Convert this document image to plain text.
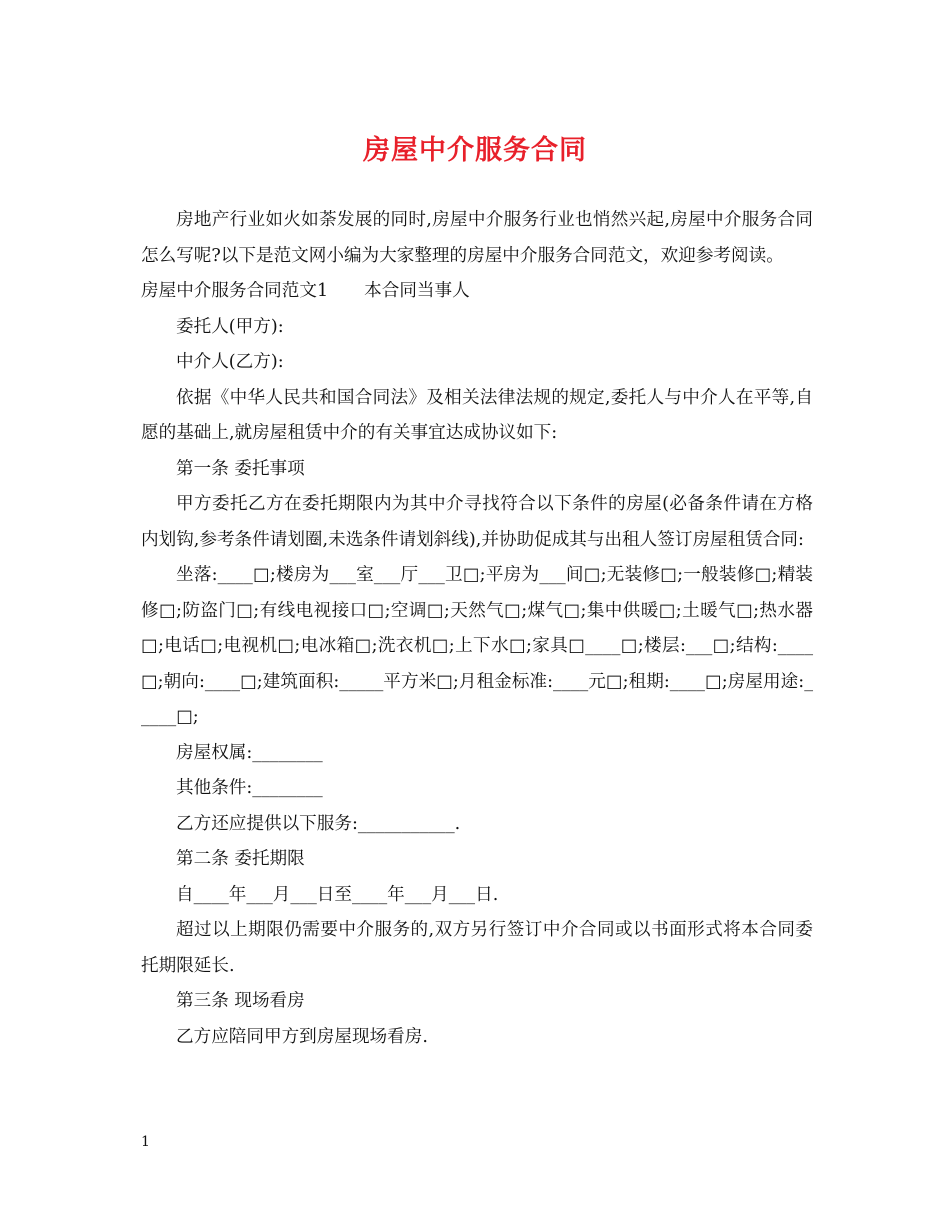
房屋中介服务合同

房地产行业如火如荼发展的同时,房屋中介服务行业也悄然兴起,房屋中介服务合同怎么写呢?以下是范文网小编为大家整理的房屋中介服务合同范文，欢迎参考阅读。

房屋中介服务合同范文1 本合同当事人

委托人(甲方):

中介人(乙方):

依据《中华人民共和国合同法》及相关法律法规的规定,委托人与中介人在平等,自愿的基础上,就房屋租赁中介的有关事宜达成协议如下:

第一条 委托事项

甲方委托乙方在委托期限内为其中介寻找符合以下条件的房屋(必备条件请在方格内划钩,参考条件请划圈,未选条件请划斜线),并协助促成其与出租人签订房屋租赁合同:

坐落:____□;楼房为___室___厅___卫□;平房为___间□;无装修□;一般装修□;精装修□;防盗门□;有线电视接口□;空调□;天然气□;煤气□;集中供暖□;土暖气□;热水器□;电话□;电视机□;电冰箱□;洗衣机□;上下水□;家具□____□;楼层:___□;结构:____□;朝向:____□;建筑面积:_____平方米□;月租金标准:____元□;租期:____□;房屋用途:_____□;

房屋权属:________

其他条件:________

乙方还应提供以下服务:___________.

第二条 委托期限

自____年___月___日至____年___月___日.

超过以上期限仍需要中介服务的,双方另行签订中介合同或以书面形式将本合同委托期限延长.

第三条 现场看房

乙方应陪同甲方到房屋现场看房.

1
